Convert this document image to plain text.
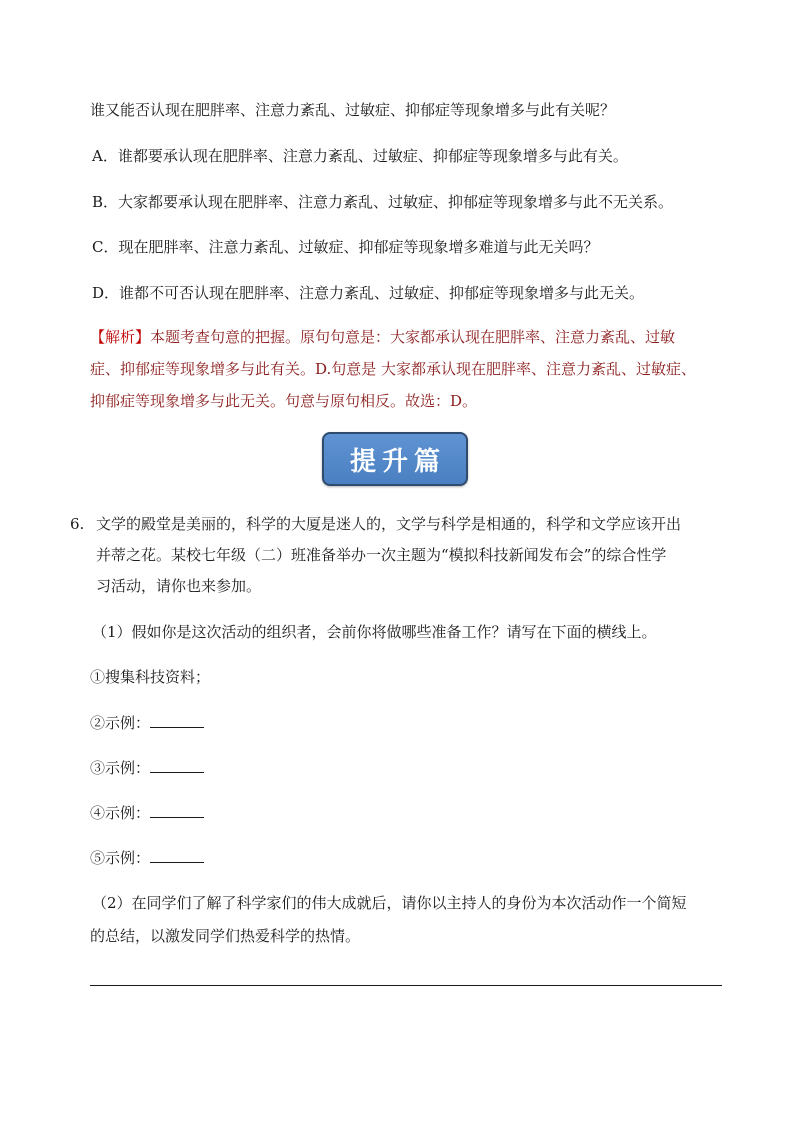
谁又能否认现在肥胖率、注意力紊乱、过敏症、抑郁症等现象增多与此有关呢？
A．谁都要承认现在肥胖率、注意力紊乱、过敏症、抑郁症等现象增多与此有关。
B．大家都要承认现在肥胖率、注意力紊乱、过敏症、抑郁症等现象增多与此不无关系。
C．现在肥胖率、注意力紊乱、过敏症、抑郁症等现象增多难道与此无关吗？
D．谁都不可否认现在肥胖率、注意力紊乱、过敏症、抑郁症等现象增多与此无关。
【解析】本题考查句意的把握。原句句意是：大家都承认现在肥胖率、注意力紊乱、过敏
症、抑郁症等现象增多与此有关。D.句意是 大家都承认现在肥胖率、注意力紊乱、过敏症、
抑郁症等现象增多与此无关。句意与原句相反。故选：D。
提升篇
6. 文学的殿堂是美丽的，科学的大厦是迷人的，文学与科学是相通的，科学和文学应该开出
并蒂之花。某校七年级（二）班准备举办一次主题为“模拟科技新闻发布会”的综合性学
习活动，请你也来参加。
（1）假如你是这次活动的组织者，会前你将做哪些准备工作？请写在下面的横线上。
①搜集科技资料；
②示例：
③示例：
④示例：
⑤示例：
（2）在同学们了解了科学家们的伟大成就后，请你以主持人的身份为本次活动作一个简短
的总结，以激发同学们热爱科学的热情。
